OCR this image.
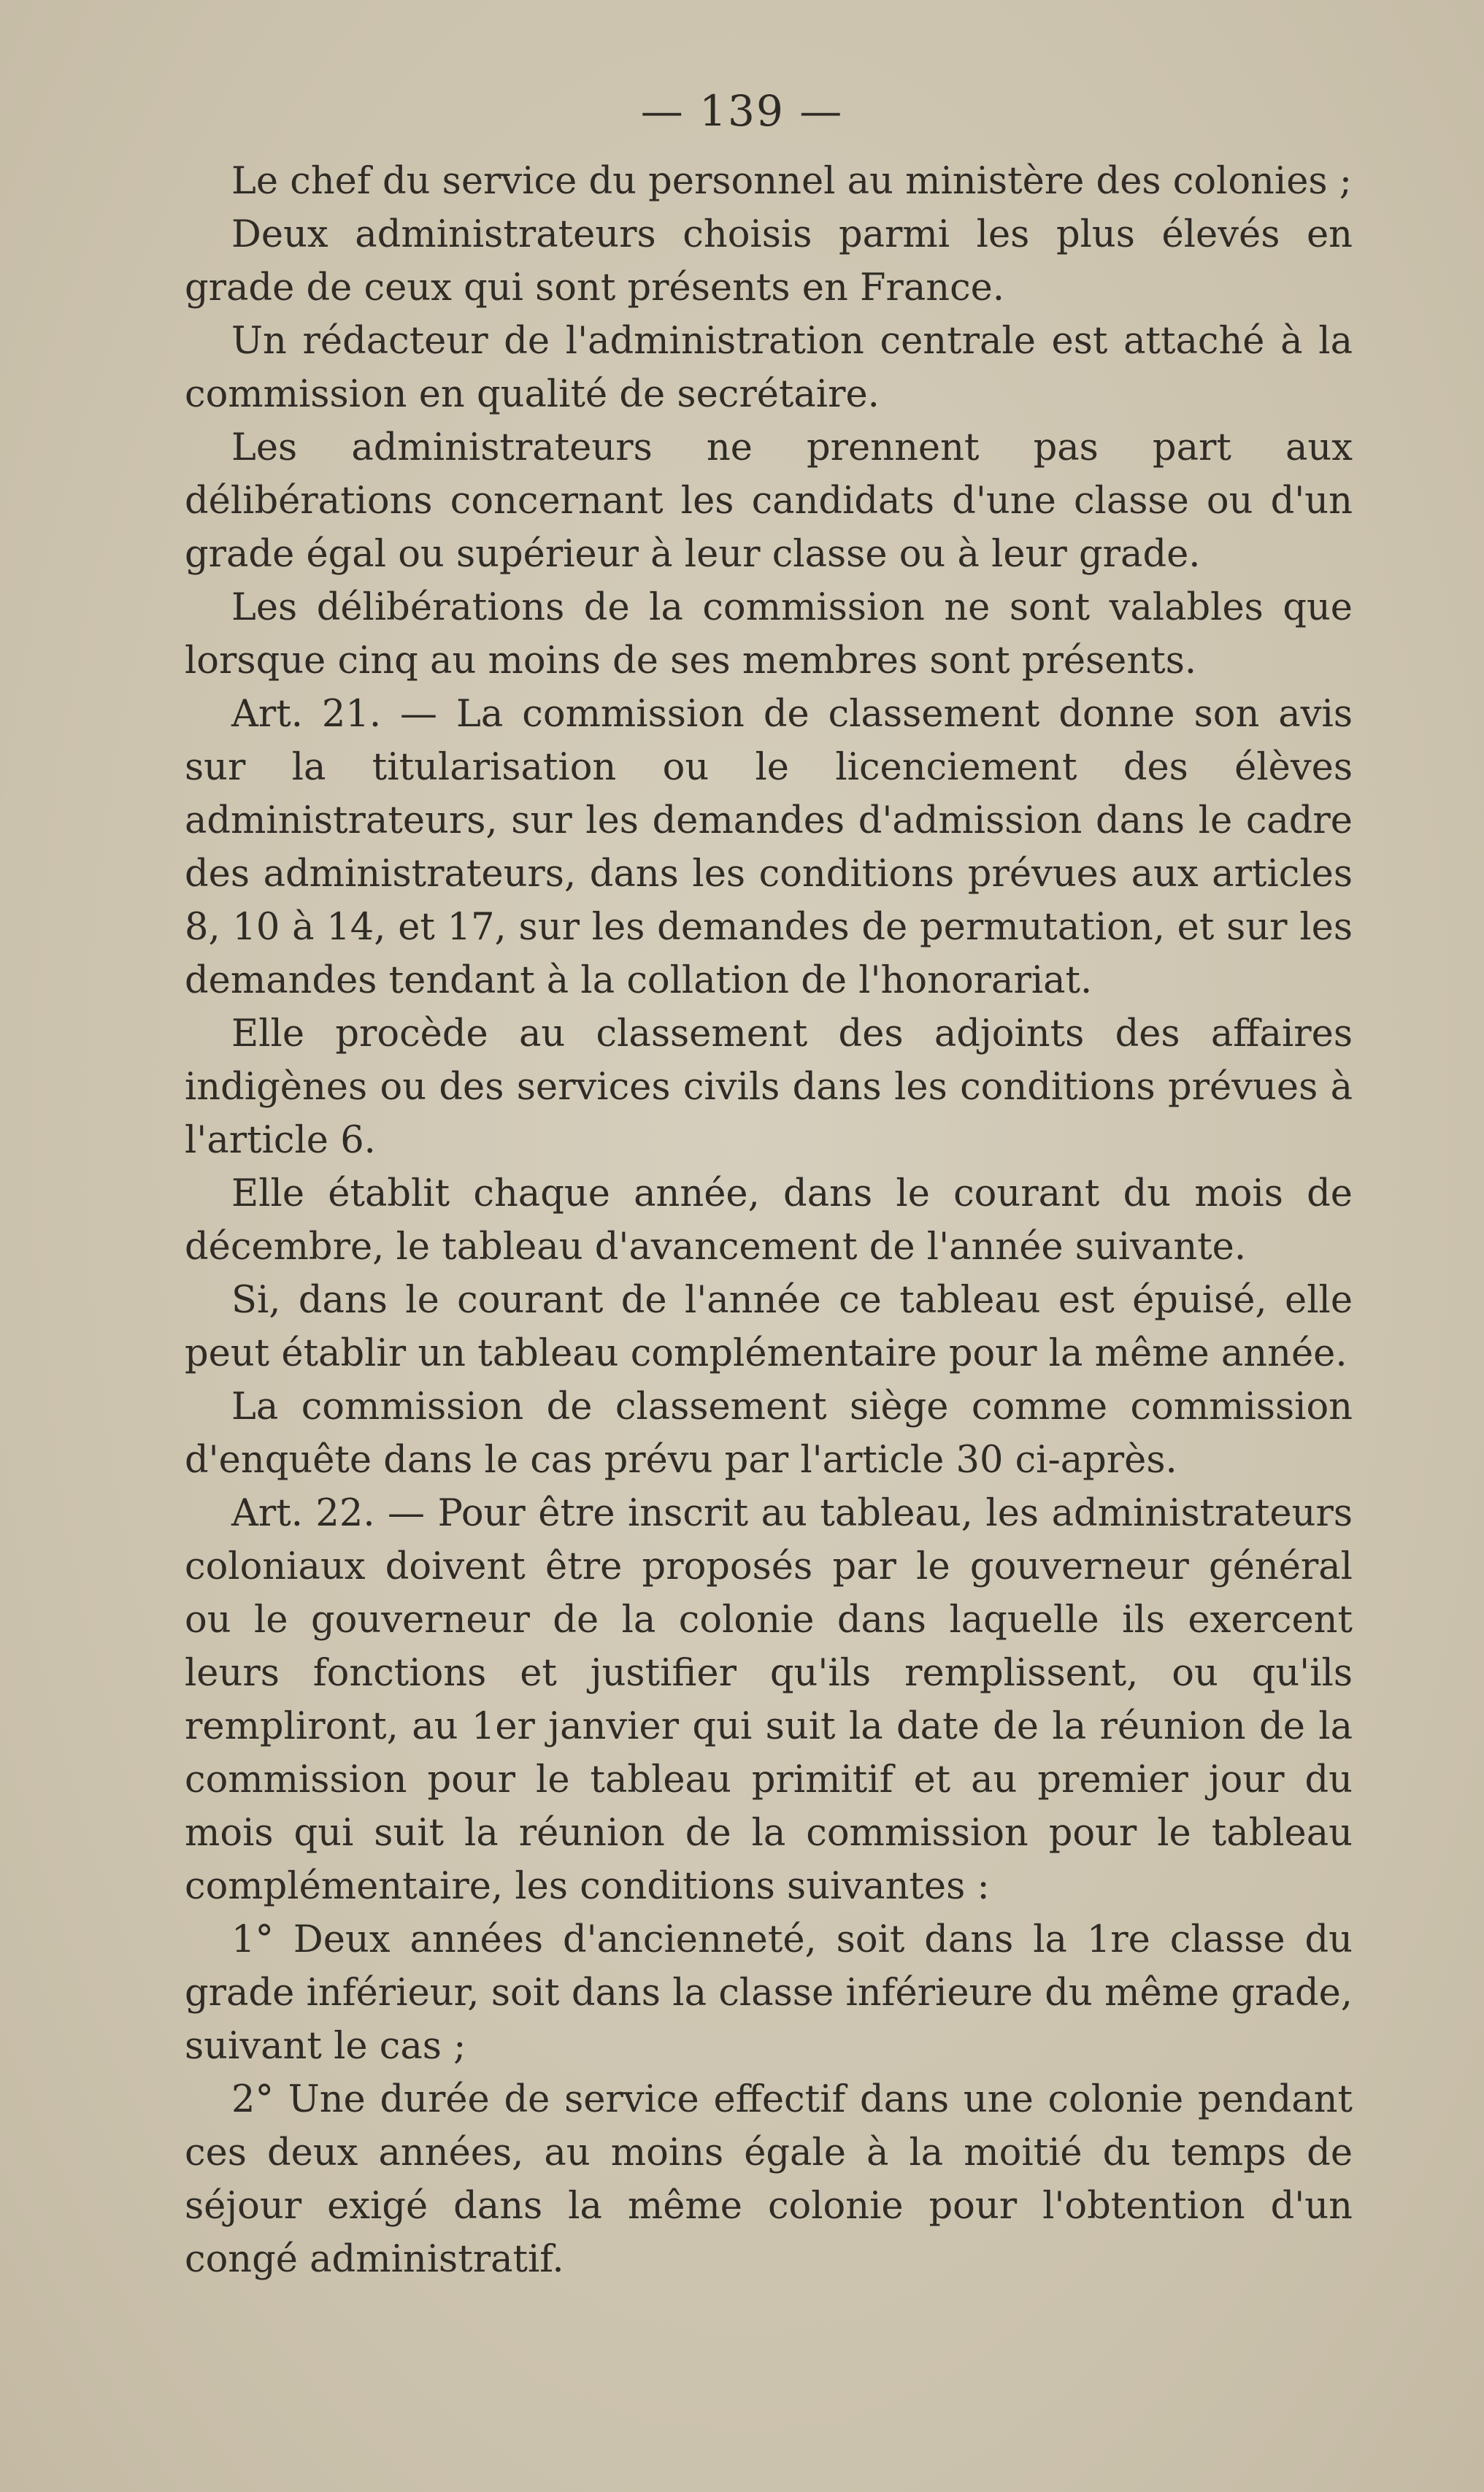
— 139 —

Le chef du service du personnel au ministère des colonies ;

Deux administrateurs choisis parmi les plus élevés en grade de ceux qui sont présents en France.

Un rédacteur de l'administration centrale est attaché à la commission en qualité de secrétaire.

Les administrateurs ne prennent pas part aux délibérations concernant les candidats d'une classe ou d'un grade égal ou supérieur à leur classe ou à leur grade.

Les délibérations de la commission ne sont valables que lorsque cinq au moins de ses membres sont présents.

Art. 21. — La commission de classement donne son avis sur la titularisation ou le licenciement des élèves administrateurs, sur les demandes d'admission dans le cadre des administrateurs, dans les conditions prévues aux articles 8, 10 à 14, et 17, sur les demandes de permutation, et sur les demandes tendant à la collation de l'honorariat.

Elle procède au classement des adjoints des affaires indigènes ou des services civils dans les conditions prévues à l'article 6.

Elle établit chaque année, dans le courant du mois de décembre, le tableau d'avancement de l'année suivante.

Si, dans le courant de l'année ce tableau est épuisé, elle peut établir un tableau complémentaire pour la même année.

La commission de classement siège comme commission d'enquête dans le cas prévu par l'article 30 ci-après.

Art. 22. — Pour être inscrit au tableau, les administrateurs coloniaux doivent être proposés par le gouverneur général ou le gouverneur de la colonie dans laquelle ils exercent leurs fonctions et justifier qu'ils remplissent, ou qu'ils rempliront, au 1er janvier qui suit la date de la réunion de la commission pour le tableau primitif et au premier jour du mois qui suit la réunion de la commission pour le tableau complémentaire, les conditions suivantes :

1° Deux années d'ancienneté, soit dans la 1re classe du grade inférieur, soit dans la classe inférieure du même grade, suivant le cas ;

2° Une durée de service effectif dans une colonie pendant ces deux années, au moins égale à la moitié du temps de séjour exigé dans la même colonie pour l'obtention d'un congé administratif.
